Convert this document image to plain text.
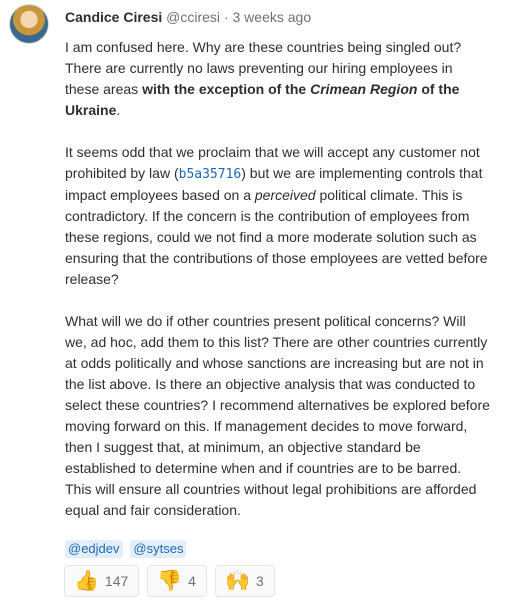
Candice Ciresi @cciresi · 3 weeks ago

I am confused here. Why are these countries being singled out? There are currently no laws preventing our hiring employees in these areas with the exception of the Crimean Region of the Ukraine.

It seems odd that we proclaim that we will accept any customer not prohibited by law (b5a35716) but we are implementing controls that impact employees based on a perceived political climate. This is contradictory. If the concern is the contribution of employees from these regions, could we not find a more moderate solution such as ensuring that the contributions of those employees are vetted before release?

What will we do if other countries present political concerns? Will we, ad hoc, add them to this list? There are other countries currently at odds politically and whose sanctions are increasing but are not in the list above. Is there an objective analysis that was conducted to select these countries? I recommend alternatives be explored before moving forward on this. If management decides to move forward, then I suggest that, at minimum, an objective standard be established to determine when and if countries are to be barred. This will ensure all countries without legal prohibitions are afforded equal and fair consideration.

@edjdev @sytses
👍 147 👎 4 🙌 3
